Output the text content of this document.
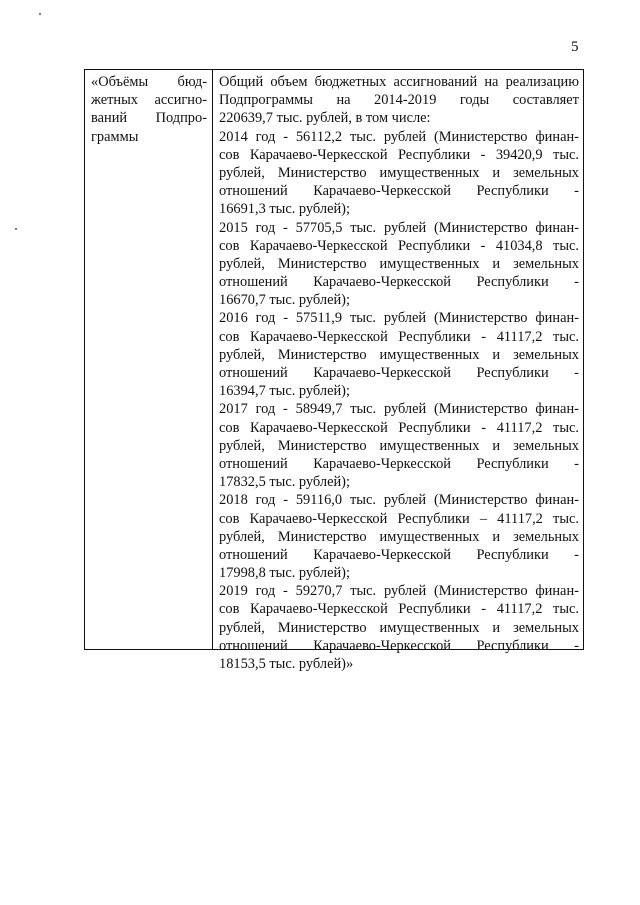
5
«Объёмы бюд-
жетных ассигно-
ваний Подпро-
граммы
Общий объем бюджетных ассигнований на реализацию
Подпрограммы на 2014-2019 годы составляет
220639,7 тыс. рублей, в том числе:
2014 год - 56112,2 тыс. рублей (Министерство финан-
сов Карачаево-Черкесской Республики - 39420,9 тыс.
рублей, Министерство имущественных и земельных
отношений Карачаево-Черкесской Республики -
16691,3 тыс. рублей);
2015 год - 57705,5 тыс. рублей (Министерство финан-
сов Карачаево-Черкесской Республики - 41034,8 тыс.
рублей, Министерство имущественных и земельных
отношений Карачаево-Черкесской Республики -
16670,7 тыс. рублей);
2016 год - 57511,9 тыс. рублей (Министерство финан-
сов Карачаево-Черкесской Республики - 41117,2 тыс.
рублей, Министерство имущественных и земельных
отношений Карачаево-Черкесской Республики -
16394,7 тыс. рублей);
2017 год - 58949,7 тыс. рублей (Министерство финан-
сов Карачаево-Черкесской Республики - 41117,2 тыс.
рублей, Министерство имущественных и земельных
отношений Карачаево-Черкесской Республики -
17832,5 тыс. рублей);
2018 год - 59116,0 тыс. рублей (Министерство финан-
сов Карачаево-Черкесской Республики – 41117,2 тыс.
рублей, Министерство имущественных и земельных
отношений Карачаево-Черкесской Республики -
17998,8 тыс. рублей);
2019 год - 59270,7 тыс. рублей (Министерство финан-
сов Карачаево-Черкесской Республики - 41117,2 тыс.
рублей, Министерство имущественных и земельных
отношений Карачаево-Черкесской Республики -
18153,5 тыс. рублей)»
